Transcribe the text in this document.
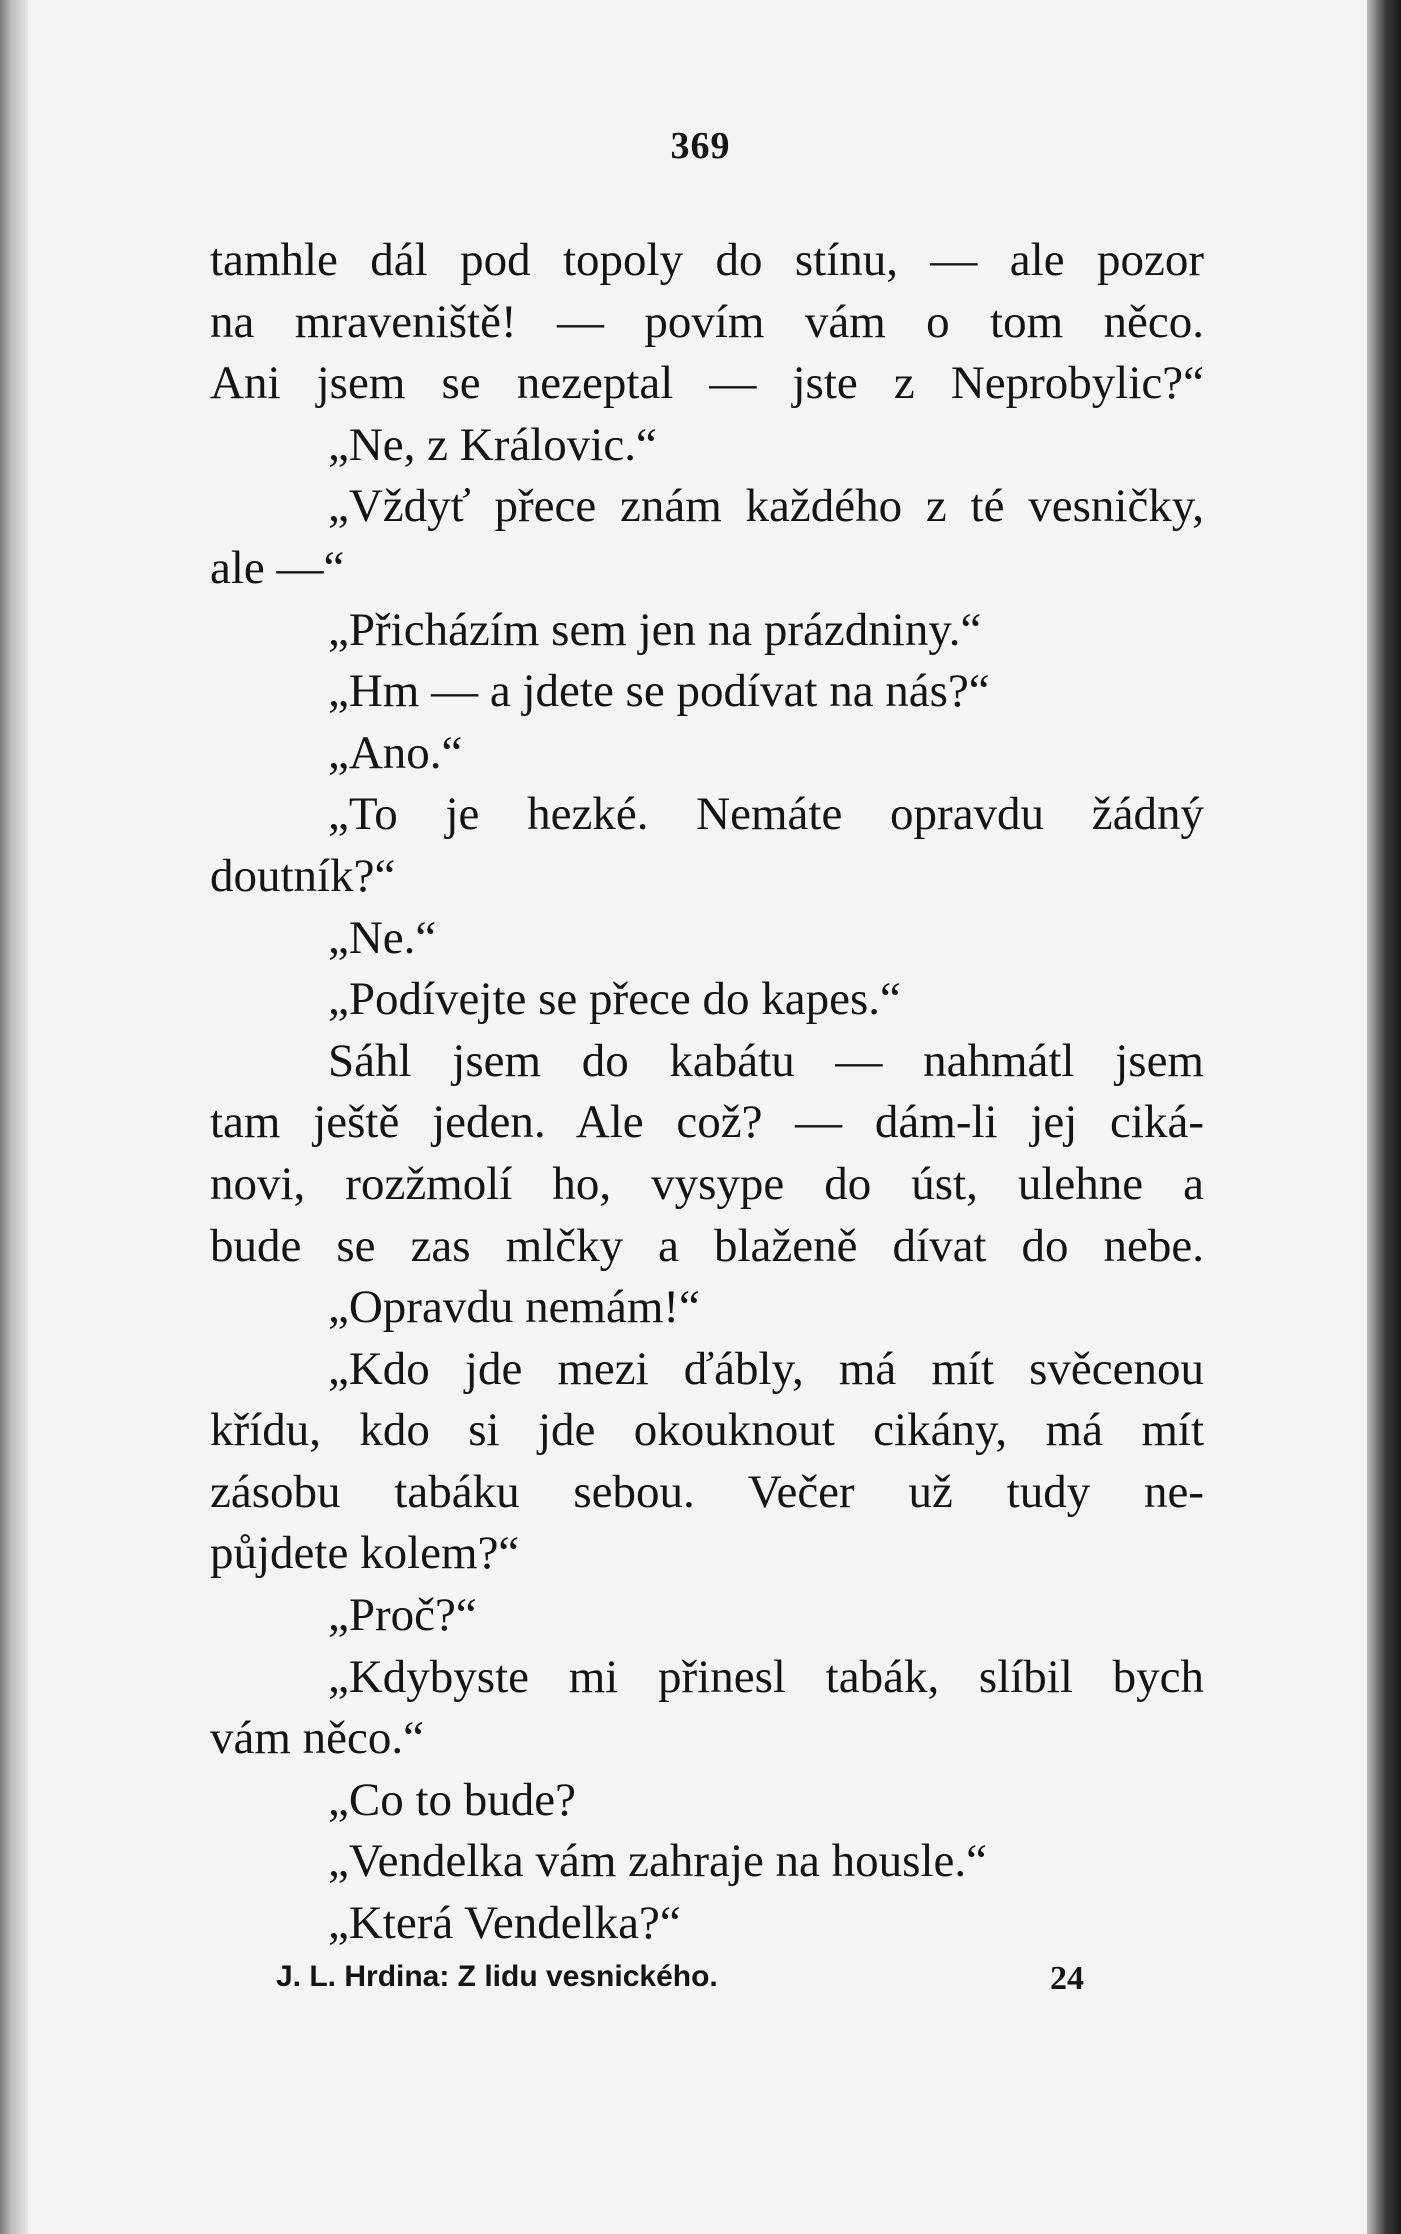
369
tamhle dál pod topoly do stínu, — ale pozor
na mraveniště! — povím vám o tom něco.
Ani jsem se nezeptal — jste z Neprobylic?“
„Ne, z Královic.“
„Vždyť přece znám každého z té vesničky,
ale —“
„Přicházím sem jen na prázdniny.“
„Hm — a jdete se podívat na nás?“
„Ano.“
„To je hezké. Nemáte opravdu žádný
doutník?“
„Ne.“
„Podívejte se přece do kapes.“
Sáhl jsem do kabátu — nahmátl jsem
tam ještě jeden. Ale což? — dám-li jej ciká-
novi, rozžmolí ho, vysype do úst, ulehne a
bude se zas mlčky a blaženě dívat do nebe.
„Opravdu nemám!“
„Kdo jde mezi ďábly, má mít svěcenou
křídu, kdo si jde okouknout cikány, má mít
zásobu tabáku sebou. Večer už tudy ne-
půjdete kolem?“
„Proč?“
„Kdybyste mi přinesl tabák, slíbil bych
vám něco.“
„Co to bude?
„Vendelka vám zahraje na housle.“
„Která Vendelka?“
J. L. Hrdina: Z lidu vesnického.	24
